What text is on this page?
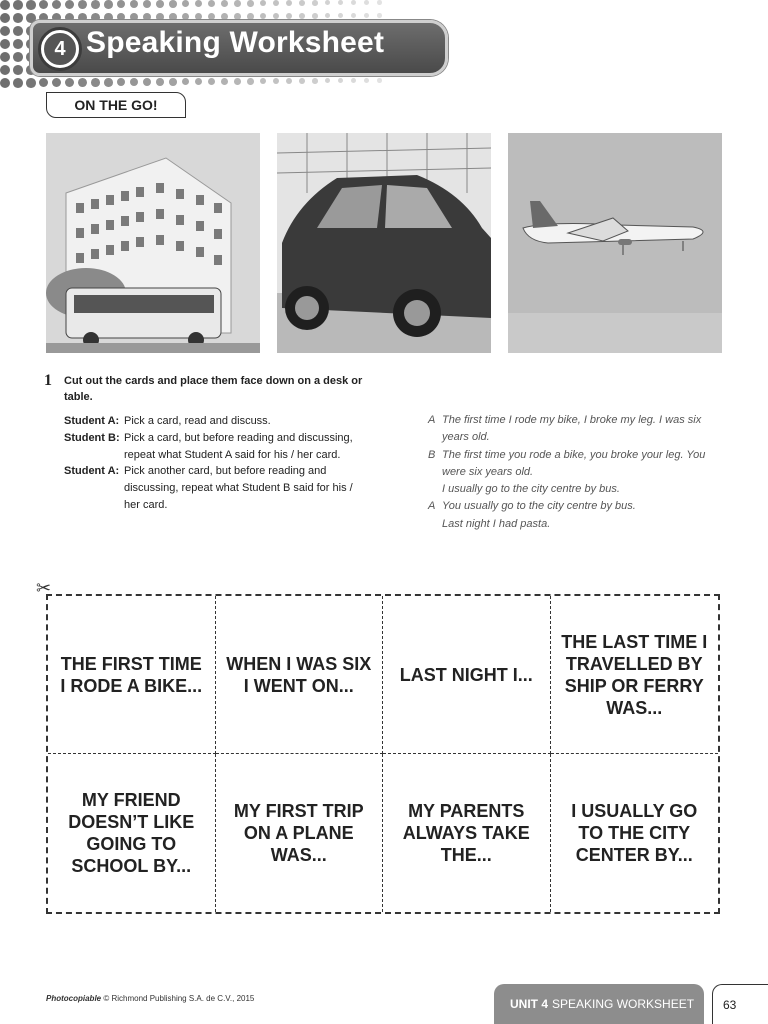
4 Speaking Worksheet
ON THE GO!
1 Cut out the cards and place them face down on a desk or table.
Student A: Pick a card, read and discuss.
Student B: Pick a card, but before reading and discussing,
repeat what Student A said for his / her card.
Student A: Pick another card, but before reading and
discussing, repeat what Student B said for his /
her card.
A The first time I rode my bike, I broke my leg. I was six
years old.
B The first time you rode a bike, you broke your leg. You
were six years old.
I usually go to the city centre by bus.
A You usually go to the city centre by bus.
Last night I had pasta.
✂
THE FIRST TIME I RODE A BIKE...
WHEN I WAS SIX I WENT ON...
LAST NIGHT I...
THE LAST TIME I TRAVELLED BY SHIP OR FERRY WAS...
MY FRIEND DOESN’T LIKE GOING TO SCHOOL BY...
MY FIRST TRIP ON A PLANE WAS...
MY PARENTS ALWAYS TAKE THE...
I USUALLY GO TO THE CITY CENTER BY...
Photocopiable © Richmond Publishing S.A. de C.V., 2015	UNIT 4 SPEAKING WORKSHEET	63
